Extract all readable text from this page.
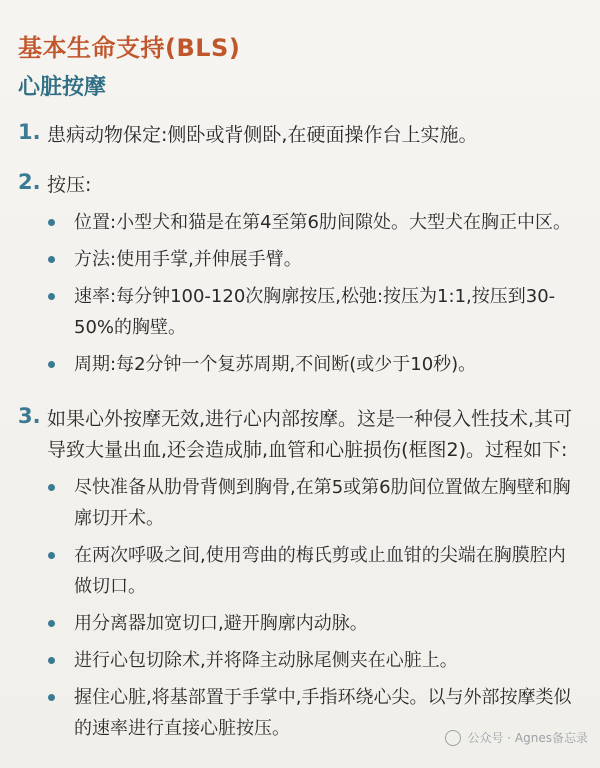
基本生命支持(BLS)
心脏按摩
1. 患病动物保定:侧卧或背侧卧,在硬面操作台上实施。
2. 按压:
位置:小型犬和猫是在第4至第6肋间隙处。大型犬在胸正中区。
方法:使用手掌,并伸展手臂。
速率:每分钟100-120次胸廓按压,松弛:按压为1:1,按压到30-50%的胸壁。
周期:每2分钟一个复苏周期,不间断(或少于10秒)。
3. 如果心外按摩无效,进行心内部按摩。这是一种侵入性技术,其可导致大量出血,还会造成肺,血管和心脏损伤(框图2)。过程如下:
尽快准备从肋骨背侧到胸骨,在第5或第6肋间位置做左胸壁和胸廓切开术。
在两次呼吸之间,使用弯曲的梅氏剪或止血钳的尖端在胸膜腔内做切口。
用分离器加宽切口,避开胸廓内动脉。
进行心包切除术,并将降主动脉尾侧夹在心脏上。
握住心脏,将基部置于手掌中,手指环绕心尖。以与外部按摩类似的速率进行直接心脏按压。	公众号 · Agnes备忘录
